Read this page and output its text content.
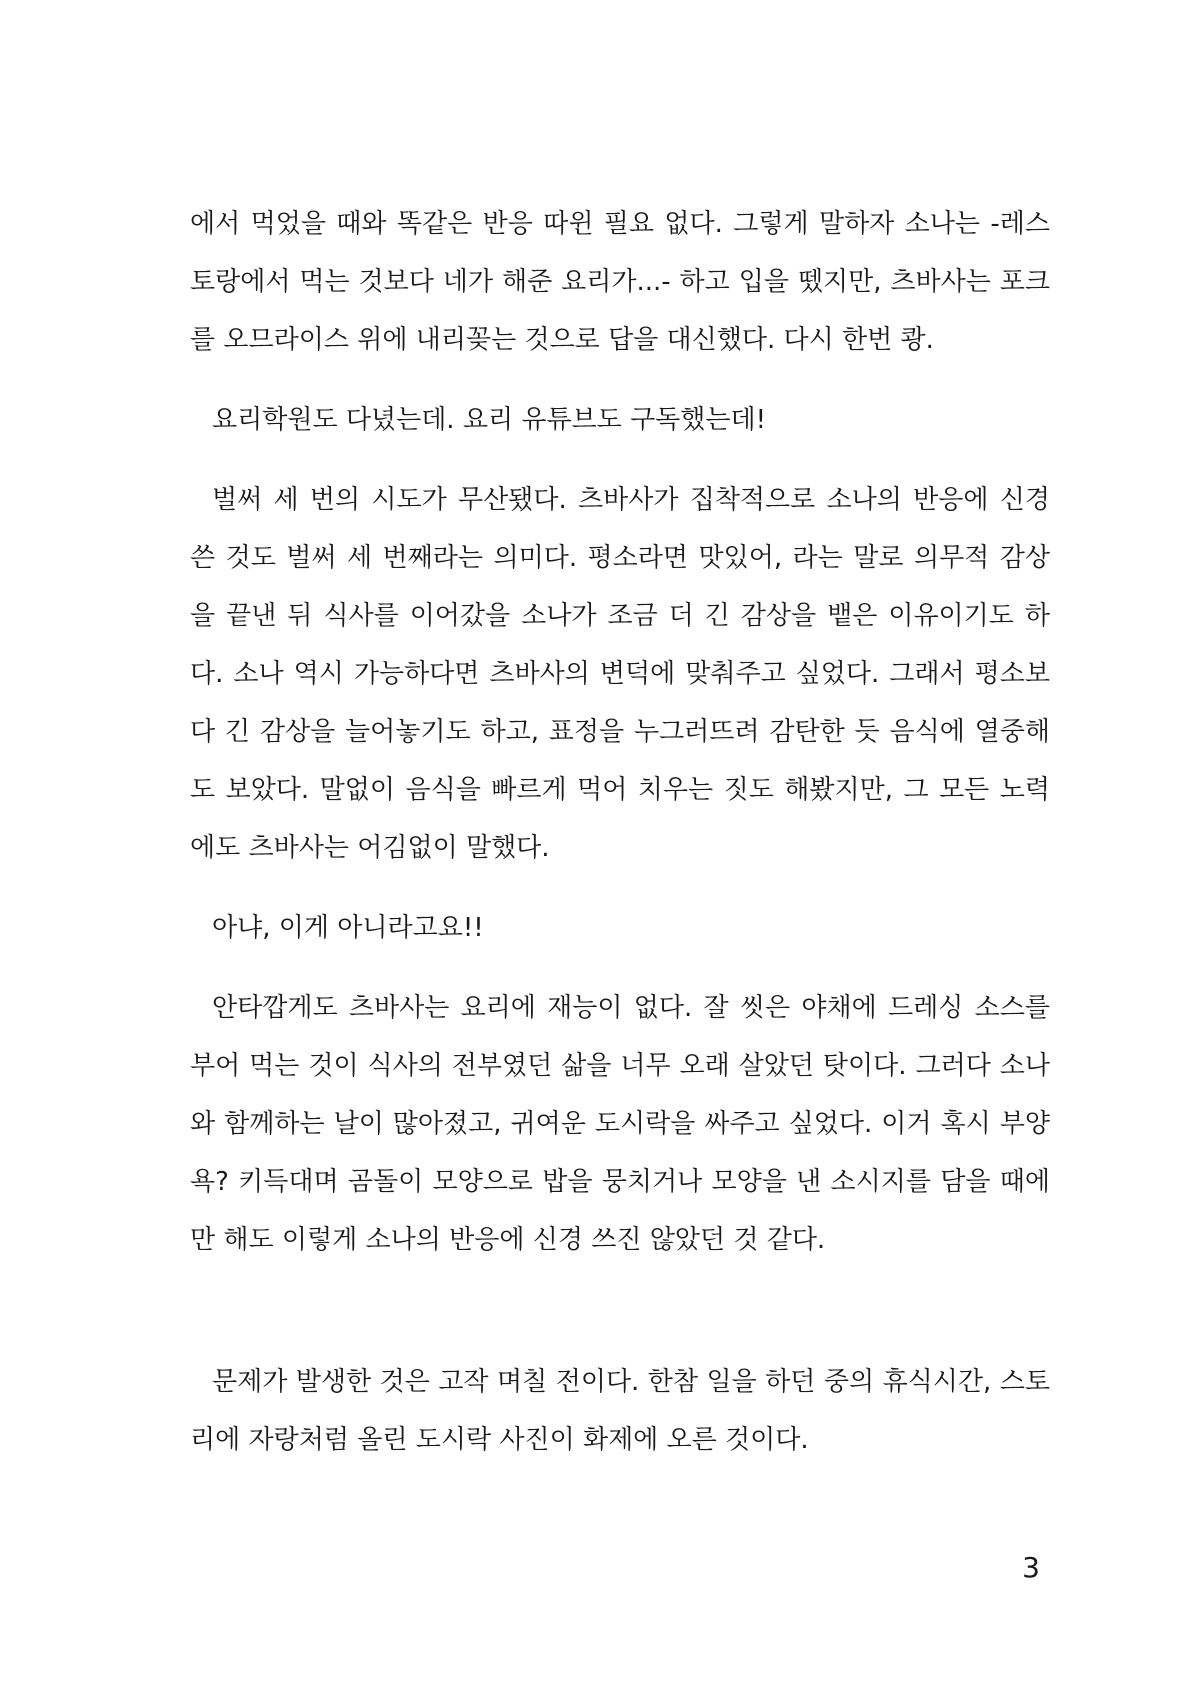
에서 먹었을 때와 똑같은 반응 따윈 필요 없다. 그렇게 말하자 소나는 -레스토랑에서 먹는 것보다 네가 해준 요리가...- 하고 입을 뗐지만, 츠바사는 포크를 오므라이스 위에 내리꽂는 것으로 답을 대신했다. 다시 한번 쾅.

요리학원도 다녔는데. 요리 유튜브도 구독했는데!

벌써 세 번의 시도가 무산됐다. 츠바사가 집착적으로 소나의 반응에 신경 쓴 것도 벌써 세 번째라는 의미다. 평소라면 맛있어, 라는 말로 의무적 감상을 끝낸 뒤 식사를 이어갔을 소나가 조금 더 긴 감상을 뱉은 이유이기도 하다. 소나 역시 가능하다면 츠바사의 변덕에 맞춰주고 싶었다. 그래서 평소보다 긴 감상을 늘어놓기도 하고, 표정을 누그러뜨려 감탄한 듯 음식에 열중해도 보았다. 말없이 음식을 빠르게 먹어 치우는 짓도 해봤지만, 그 모든 노력에도 츠바사는 어김없이 말했다.

아냐, 이게 아니라고요!!

안타깝게도 츠바사는 요리에 재능이 없다. 잘 씻은 야채에 드레싱 소스를 부어 먹는 것이 식사의 전부였던 삶을 너무 오래 살았던 탓이다. 그러다 소나와 함께하는 날이 많아졌고, 귀여운 도시락을 싸주고 싶었다. 이거 혹시 부양욕? 키득대며 곰돌이 모양으로 밥을 뭉치거나 모양을 낸 소시지를 담을 때에만 해도 이렇게 소나의 반응에 신경 쓰진 않았던 것 같다.

문제가 발생한 것은 고작 며칠 전이다. 한참 일을 하던 중의 휴식시간, 스토리에 자랑처럼 올린 도시락 사진이 화제에 오른 것이다.

3
